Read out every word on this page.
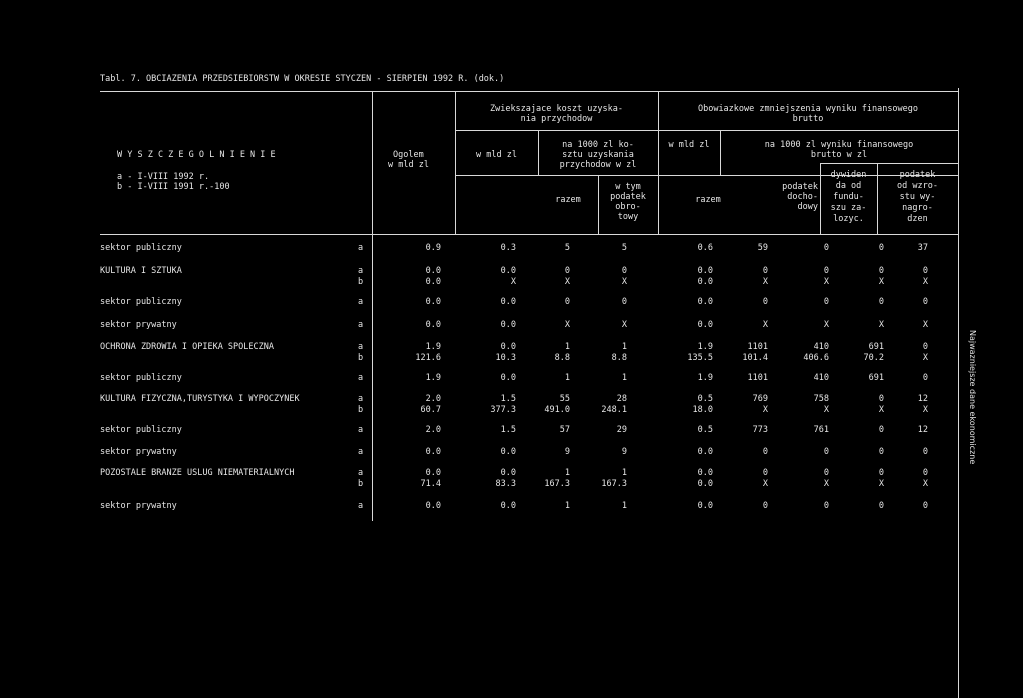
Tabl. 7. OBCIAZENIA PRZEDSIEBIORSTW W OKRESIE STYCZEN - SIERPIEN 1992 R. (dok.)
Najwazniejsze dane ekonomiczne
W Y S Z C Z E G O L N I E N I E
a - I-VIII 1992 r.
b - I-VIII 1991 r.-100
Ogolem
w mld zl
Zwiekszajace koszt uzyska-
nia przychodow
Obowiazkowe zmniejszenia wyniku finansowego
brutto
w mld zl
na 1000 zl ko-
sztu uzyskania
przychodow w zl
razem
w tym
podatek
obro-
towy
w mld zl	na 1000 zl wyniku finansowego
brutto w zl
razem
podatek
docho-
dowy
dywiden
da od
fundu-
szu za-
lozyc.
podatek
od wzro-
stu wy-
nagro-
dzen
sektor publiczny	a	0.9	0.3	5	5	0.6	59	0	0	37
KULTURA I SZTUKA	a	0.0	0.0	0	0	0.0	0	0	0	0
b	0.0	X	X	X	0.0	X	X	X	X
sektor publiczny	a	0.0	0.0	0	0	0.0	0	0	0	0
sektor prywatny	a	0.0	0.0	X	X	0.0	X	X	X	X
OCHRONA ZDROWIA I OPIEKA SPOLECZNA	a	1.9	0.0	1	1	1.9	1101	410	691	0
b	121.6	10.3	8.8	8.8	135.5	101.4	406.6	70.2	X
sektor publiczny	a	1.9	0.0	1	1	1.9	1101	410	691	0
KULTURA FIZYCZNA,TURYSTYKA I WYPOCZYNEK	a	2.0	1.5	55	28	0.5	769	758	0	12
b	60.7	377.3	491.0	248.1	18.0	X	X	X	X
sektor publiczny	a	2.0	1.5	57	29	0.5	773	761	0	12
sektor prywatny	a	0.0	0.0	9	9	0.0	0	0	0	0
POZOSTALE BRANZE USLUG NIEMATERIALNYCH	a	0.0	0.0	1	1	0.0	0	0	0	0
b	71.4	83.3	167.3	167.3	0.0	X	X	X	X
sektor prywatny	a	0.0	0.0	1	1	0.0	0	0	0	0
